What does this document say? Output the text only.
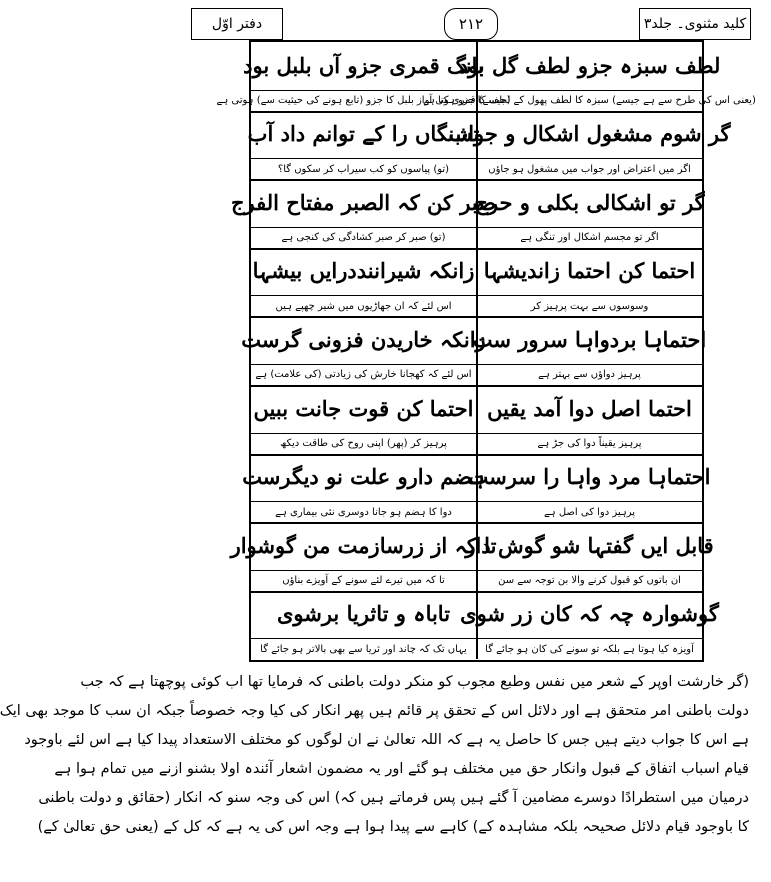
کلید مثنوی۔ جلد۳
۲۱۲
دفتر اوّل
لطف سبزہ جزو لطف گل بود
(یعنی اس کی طرح سے ہے جیسے) سبزہ کا لطف پھول کے لطف کا جزو ہوتا ہے
بانگ قمری جزو آں بلبل بود
(جیسے) قمری کی آواز بلبل کا جزو (تابع ہونے کی حیثیت سے) ہوتی ہے
گر شوم مشغول اشکال و جواب
اگر میں اعتراض اور جواب میں مشغول ہو جاؤں
تشنگاں را کے توانم داد آب
(تو) پیاسوں کو کب سیراب کر سکوں گا؟
گر تو اشکالی بکلی و حرج
اگر تو مجسم اشکال اور تنگی ہے
صبر کن کہ الصبر مفتاح الفرج
(تو) صبر کر صبر کشادگی کی کنجی ہے
احتما کن احتما زاندیشہا
وسوسوں سے بہت پرہیز کر
زانکہ شیراننددرایں بیشہا
اس لئے کہ ان جھاڑیوں میں شیر چھپے ہیں
احتماہا بردواہا سرور ست
پرہیز دواؤں سے بہتر ہے
زانکہ خاریدن فزونی گرست
اس لئے کہ کھجانا خارش کی زیادتی (کی علامت) ہے
احتما اصل دوا آمد یقیں
پرہیز یقیناً دوا کی جڑ ہے
احتما کن قوت جانت ببیں
پرہیز کر (پھر) اپنی روح کی طاقت دیکھ
احتماہا مرد واہا را سرست
پرہیز دوا کی اصل ہے
ہضم دارو علت نو دیگرست
دوا کا ہضم ہو جانا دوسری نئی بیماری ہے
قابل ایں گفتہا شو گوش دار
ان باتوں کو قبول کرنے والا بن توجہ سے سن
تا کہ از زرسازمت من گوشوار
تا کہ میں تیرے لئے سونے کے آویزے بناؤں
گوشوارہ چہ کہ کان زر شوی
آویزہ کیا ہوتا ہے بلکہ تو سونے کی کان ہو جائے گا
تاباہ و تاثریا برشوی
یہاں تک کہ چاند اور ثریا سے بھی بالاتر ہو جائے گا
(گر خارشت اوپر کے شعر میں نفس وطبع مجوب کو منکر دولت باطنی کہ فرمایا تھا اب کوئی پوچھتا ہے کہ جب
دولت باطنی امر متحقق ہے اور دلائل اس کے تحقق پر قائم ہیں پھر انکار کی کیا وجہ خصوصاً جبکہ ان سب کا موجد بھی ایک
ہے اس کا جواب دیتے ہیں جس کا حاصل یہ ہے کہ اللہ تعالیٰ نے ان لوگوں کو مختلف الاستعداد پیدا کیا ہے اس لئے باوجود
قیام اسباب اتفاق کے قبول وانکار حق میں مختلف ہو گئے اور یہ مضمون اشعار آئندہ اولا بشنو ازنے میں تمام ہوا ہے
درمیان میں استطرادًا دوسرے مضامین آ گئے ہیں پس فرماتے ہیں کہ) اس کی وجہ سنو کہ انکار (حقائق و دولت باطنی
کا باوجود قیام دلائل صحیحہ بلکہ مشاہدہ کے) کاہے سے پیدا ہوا ہے وجہ اس کی یہ ہے کہ کل کے (یعنی حق تعالیٰ کے)
